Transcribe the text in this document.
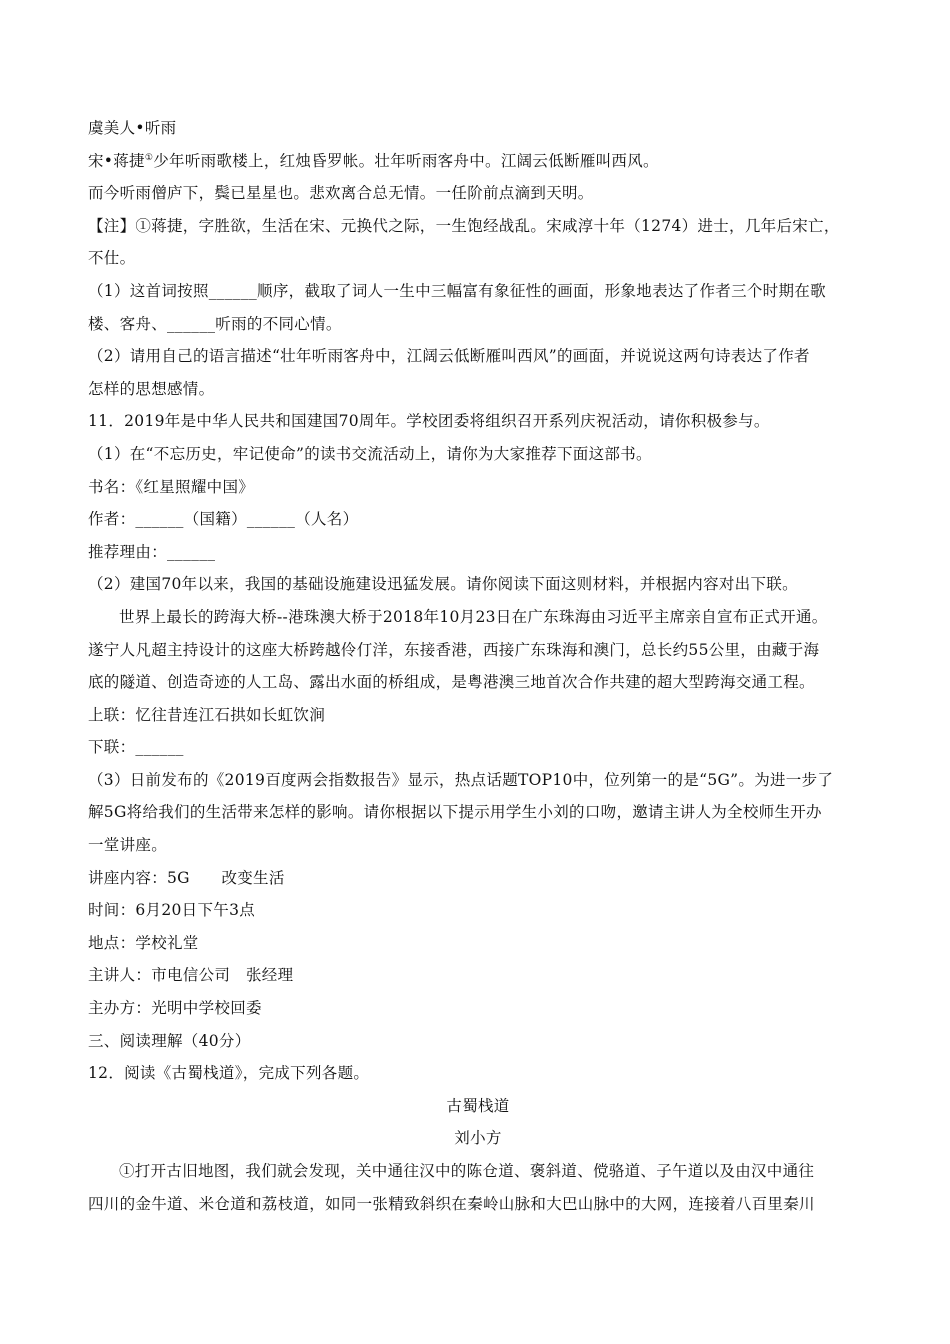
虞美人•听雨
宋•蒋捷①少年听雨歌楼上，红烛昏罗帐。壮年听雨客舟中。江阔云低断雁叫西风。
而今听雨僧庐下，鬓已星星也。悲欢离合总无情。一任阶前点滴到天明。
【注】①蒋捷，字胜欲，生活在宋、元换代之际，一生饱经战乱。宋咸淳十年（1274）进士，几年后宋亡，
不仕。
（1）这首词按照______顺序，截取了词人一生中三幅富有象征性的画面，形象地表达了作者三个时期在歌
楼、客舟、______听雨的不同心情。
（2）请用自己的语言描述“壮年听雨客舟中，江阔云低断雁叫西风”的画面，并说说这两句诗表达了作者
怎样的思想感情。
11．2019年是中华人民共和国建国70周年。学校团委将组织召开系列庆祝活动，请你积极参与。
（1）在“不忘历史，牢记使命”的读书交流活动上，请你为大家推荐下面这部书。
书名：《红星照耀中国》
作者：______（国籍）______（人名）
推荐理由：______
（2）建国70年以来，我国的基础设施建设迅猛发展。请你阅读下面这则材料，并根据内容对出下联。
世界上最长的跨海大桥--港珠澳大桥于2018年10月23日在广东珠海由习近平主席亲自宣布正式开通。
遂宁人凡超主持设计的这座大桥跨越伶仃洋，东接香港，西接广东珠海和澳门，总长约55公里，由藏于海
底的隧道、创造奇迹的人工岛、露出水面的桥组成，是粤港澳三地首次合作共建的超大型跨海交通工程。
上联：忆往昔连江石拱如长虹饮涧
下联：______
（3）日前发布的《2019百度两会指数报告》显示，热点话题TOP10中，位列第一的是“5G”。为进一步了
解5G将给我们的生活带来怎样的影响。请你根据以下提示用学生小刘的口吻，邀请主讲人为全校师生开办
一堂讲座。
讲座内容：5G　　改变生活
时间：6月20日下午3点
地点：学校礼堂
主讲人：市电信公司　张经理
主办方：光明中学校回委
三、阅读理解（40分）
12．阅读《古蜀栈道》，完成下列各题。
古蜀栈道
刘小方
①打开古旧地图，我们就会发现，关中通往汉中的陈仓道、褒斜道、傥骆道、子午道以及由汉中通往
四川的金牛道、米仓道和荔枝道，如同一张精致斜织在秦岭山脉和大巴山脉中的大网，连接着八百里秦川
